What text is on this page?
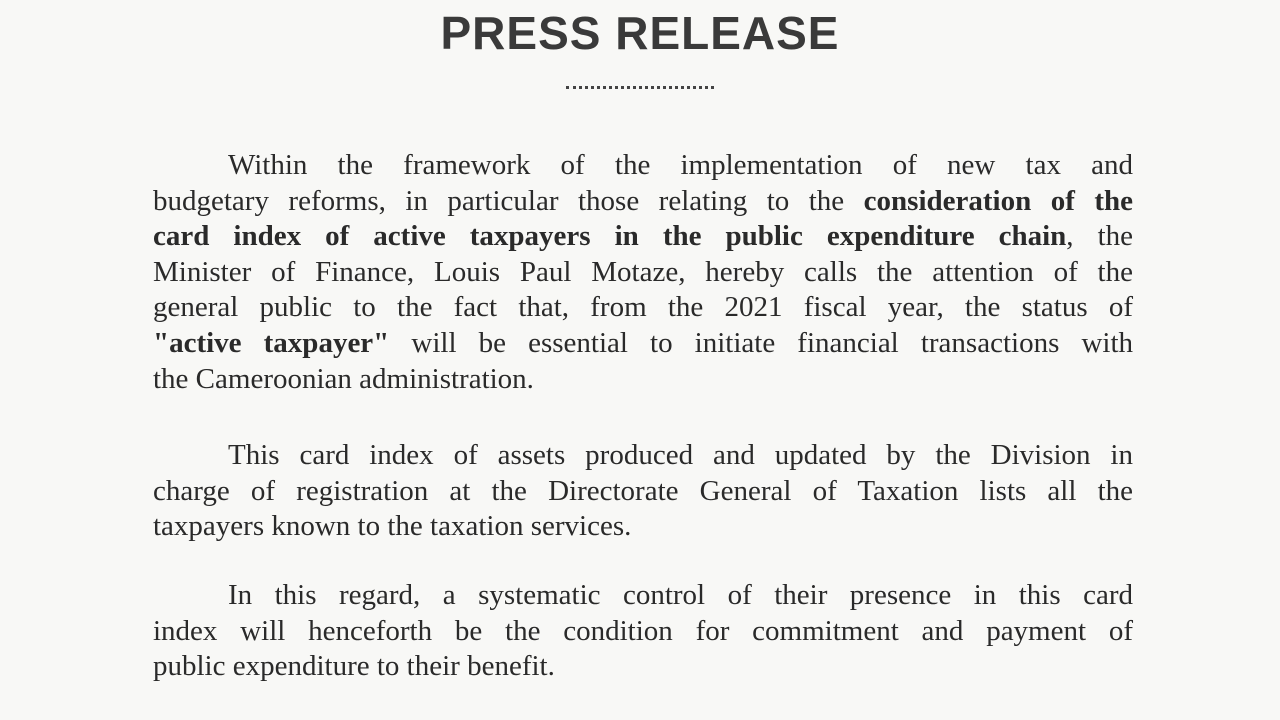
PRESS RELEASE

Within the framework of the implementation of new tax and
budgetary reforms, in particular those relating to the consideration of the
card index of active taxpayers in the public expenditure chain, the
Minister of Finance, Louis Paul Motaze, hereby calls the attention of the
general public to the fact that, from the 2021 fiscal year, the status of
"active taxpayer" will be essential to initiate financial transactions with
the Cameroonian administration.

This card index of assets produced and updated by the Division in
charge of registration at the Directorate General of Taxation lists all the
taxpayers known to the taxation services.

In this regard, a systematic control of their presence in this card
index will henceforth be the condition for commitment and payment of
public expenditure to their benefit.
